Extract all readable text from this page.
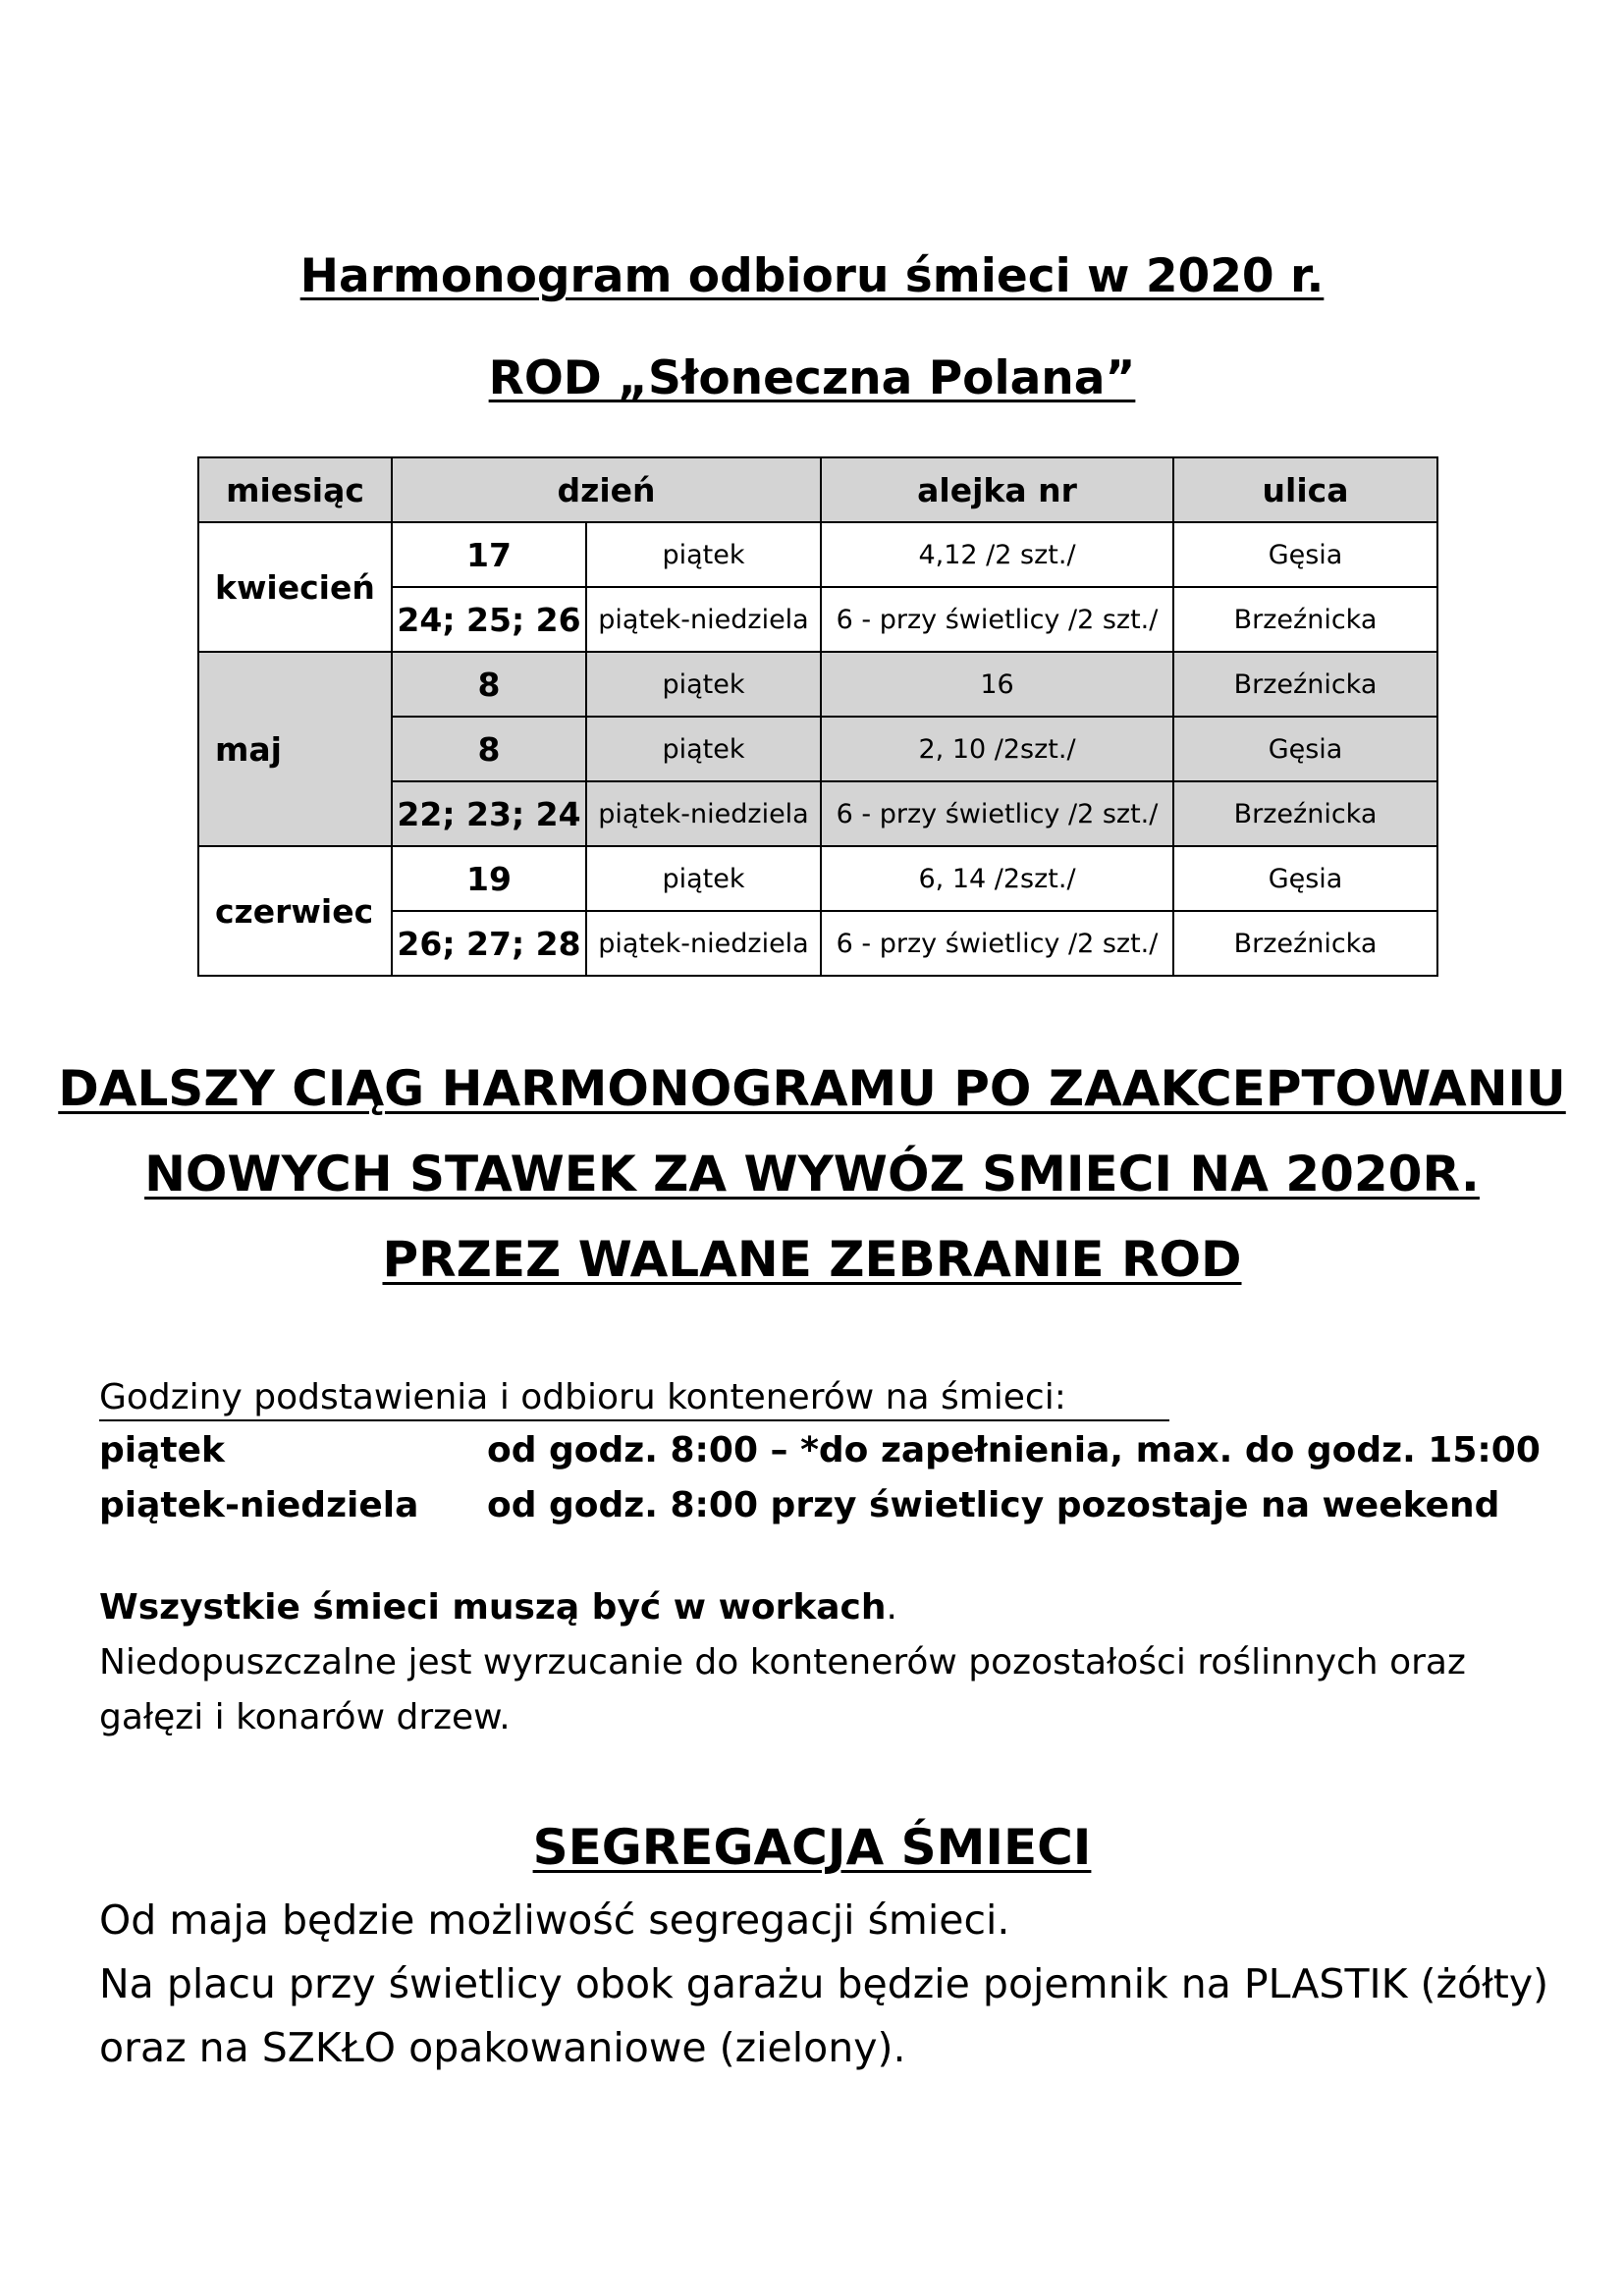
Harmonogram odbioru śmieci w 2020 r.
ROD „Słoneczna Polana”
miesiąc	dzień		alejka nr	ulica
kwiecień	17	piątek	4,12 /2 szt./	Gęsia
	24; 25; 26	piątek-niedziela	6 - przy świetlicy /2 szt./	Brzeźnicka
maj	8	piątek	16	Brzeźnicka
	8	piątek	2, 10 /2szt./	Gęsia
	22; 23; 24	piątek-niedziela	6 - przy świetlicy /2 szt./	Brzeźnicka
czerwiec	19	piątek	6, 14 /2szt./	Gęsia
	26; 27; 28	piątek-niedziela	6 - przy świetlicy /2 szt./	Brzeźnicka
DALSZY CIĄG HARMONOGRAMU PO ZAAKCEPTOWANIU
NOWYCH STAWEK ZA WYWÓZ SMIECI NA 2020R.
PRZEZ WALANE ZEBRANIE ROD
Godziny podstawienia i odbioru kontenerów na śmieci:
piątek	od godz. 8:00 – *do zapełnienia, max. do godz. 15:00
piątek-niedziela od godz. 8:00 przy świetlicy pozostaje na weekend
Wszystkie śmieci muszą być w workach.
Niedopuszczalne jest wyrzucanie do kontenerów pozostałości roślinnych oraz
gałęzi i konarów drzew.
SEGREGACJA ŚMIECI
Od maja będzie możliwość segregacji śmieci.
Na placu przy świetlicy obok garażu będzie pojemnik na PLASTIK (żółty)
oraz na SZKŁO opakowaniowe (zielony).
